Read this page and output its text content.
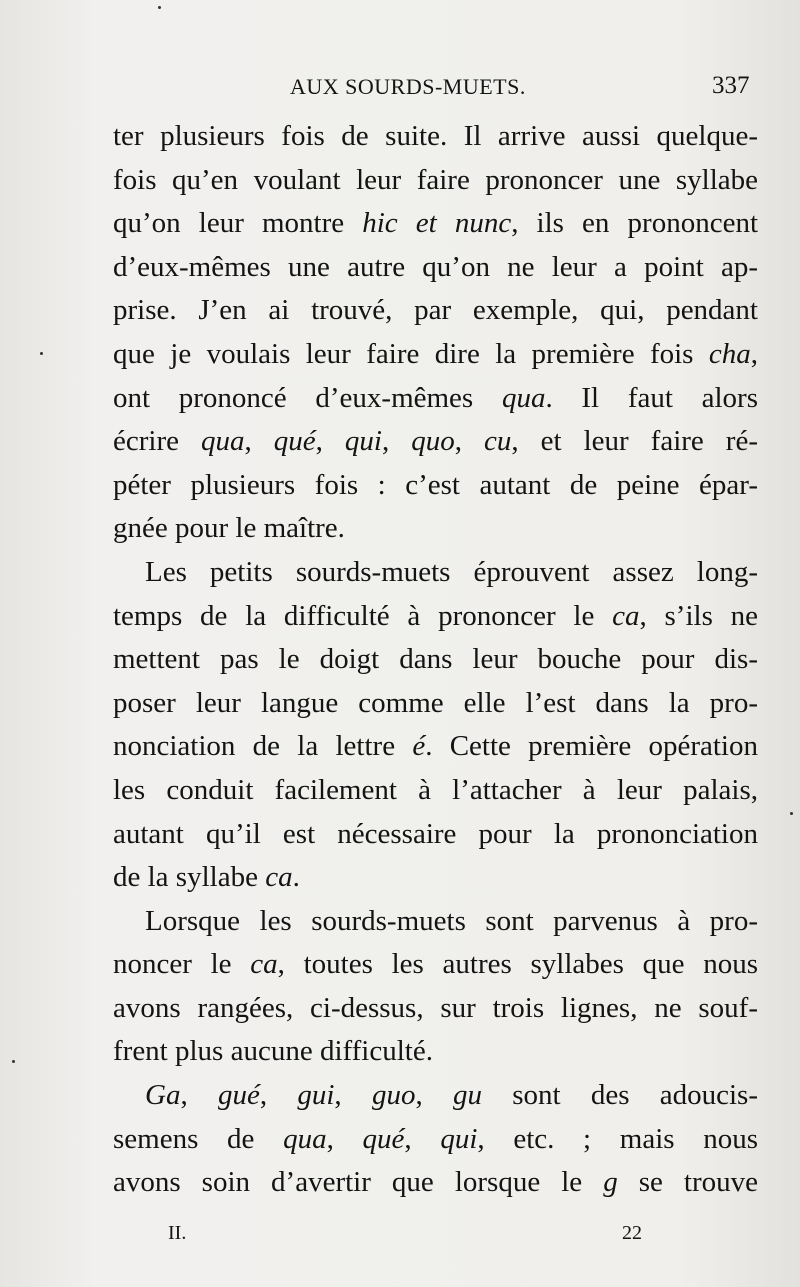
AUX SOURDS-MUETS.	337
ter plusieurs fois de suite. Il arrive aussi quelque-
fois qu’en voulant leur faire prononcer une syllabe
qu’on leur montre hic et nunc, ils en prononcent
d’eux-mêmes une autre qu’on ne leur a point ap-
prise. J’en ai trouvé, par exemple, qui, pendant
que je voulais leur faire dire la première fois cha,
ont prononcé d’eux-mêmes qua. Il faut alors
écrire qua, qué, qui, quo, cu, et leur faire ré-
péter plusieurs fois : c’est autant de peine épar-
gnée pour le maître.
Les petits sourds-muets éprouvent assez long-
temps de la difficulté à prononcer le ca, s’ils ne
mettent pas le doigt dans leur bouche pour dis-
poser leur langue comme elle l’est dans la pro-
nonciation de la lettre é. Cette première opération
les conduit facilement à l’attacher à leur palais,
autant qu’il est nécessaire pour la prononciation
de la syllabe ca.
Lorsque les sourds-muets sont parvenus à pro-
noncer le ca, toutes les autres syllabes que nous
avons rangées, ci-dessus, sur trois lignes, ne souf-
frent plus aucune difficulté.
Ga, gué, gui, guo, gu sont des adoucis-
semens de qua, qué, qui, etc. ; mais nous
avons soin d’avertir que lorsque le g se trouve
II.	22
